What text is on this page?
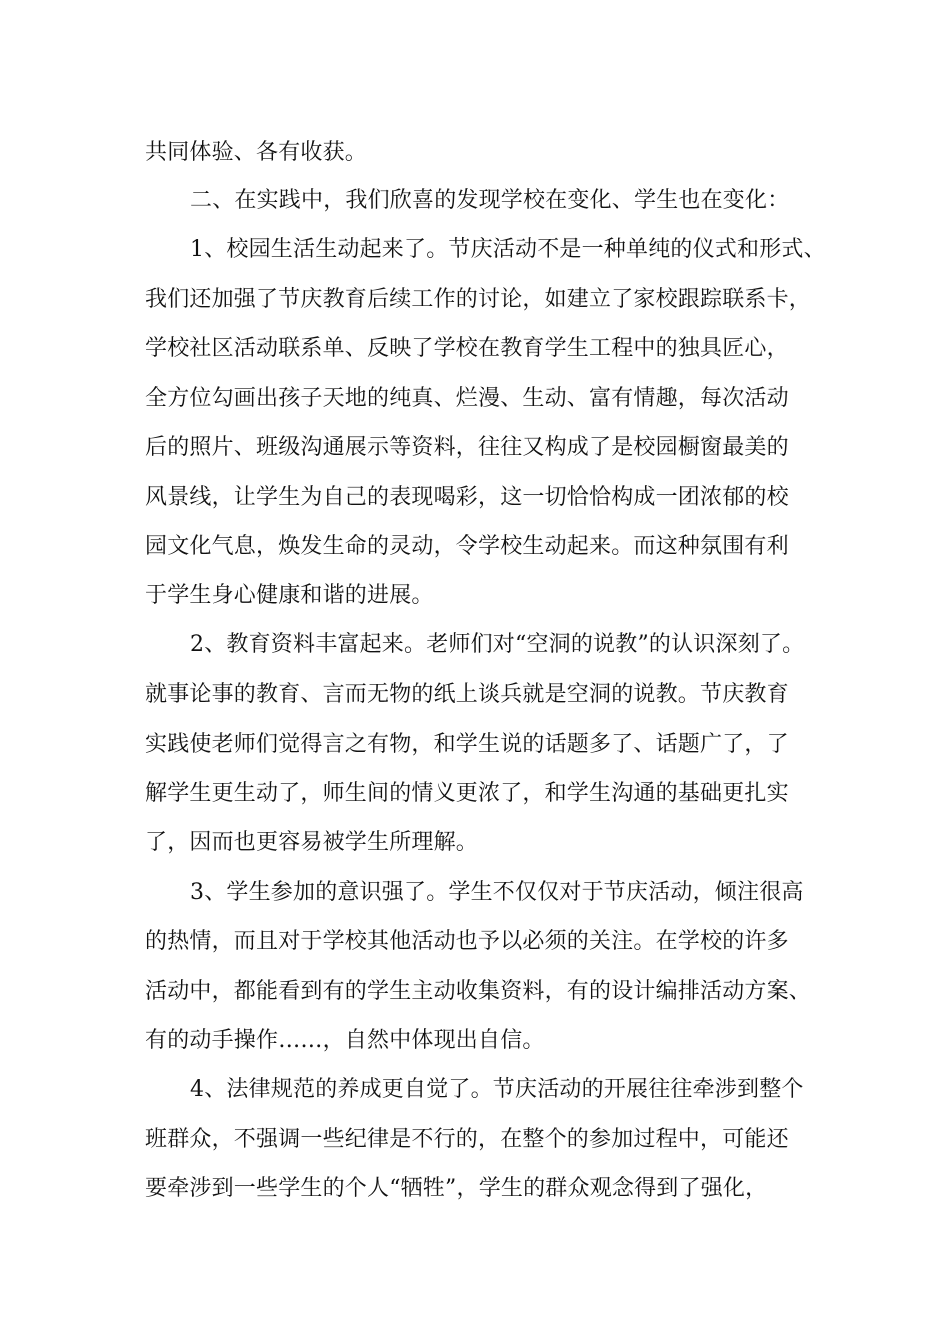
共同体验、各有收获。
二、在实践中，我们欣喜的发现学校在变化、学生也在变化：
1、校园生活生动起来了。节庆活动不是一种单纯的仪式和形式、
我们还加强了节庆教育后续工作的讨论，如建立了家校跟踪联系卡，
学校社区活动联系单、反映了学校在教育学生工程中的独具匠心，
全方位勾画出孩子天地的纯真、烂漫、生动、富有情趣，每次活动
后的照片、班级沟通展示等资料，往往又构成了是校园橱窗最美的
风景线，让学生为自己的表现喝彩，这一切恰恰构成一团浓郁的校
园文化气息，焕发生命的灵动，令学校生动起来。而这种氛围有利
于学生身心健康和谐的进展。
2、教育资料丰富起来。老师们对“空洞的说教”的认识深刻了。
就事论事的教育、言而无物的纸上谈兵就是空洞的说教。节庆教育
实践使老师们觉得言之有物，和学生说的话题多了、话题广了，了
解学生更生动了，师生间的情义更浓了，和学生沟通的基础更扎实
了，因而也更容易被学生所理解。
3、学生参加的意识强了。学生不仅仅对于节庆活动，倾注很高
的热情，而且对于学校其他活动也予以必须的关注。在学校的许多
活动中，都能看到有的学生主动收集资料，有的设计编排活动方案、
有的动手操作……，自然中体现出自信。
4、法律规范的养成更自觉了。节庆活动的开展往往牵涉到整个
班群众，不强调一些纪律是不行的，在整个的参加过程中，可能还
要牵涉到一些学生的个人“牺牲”，学生的群众观念得到了强化，
